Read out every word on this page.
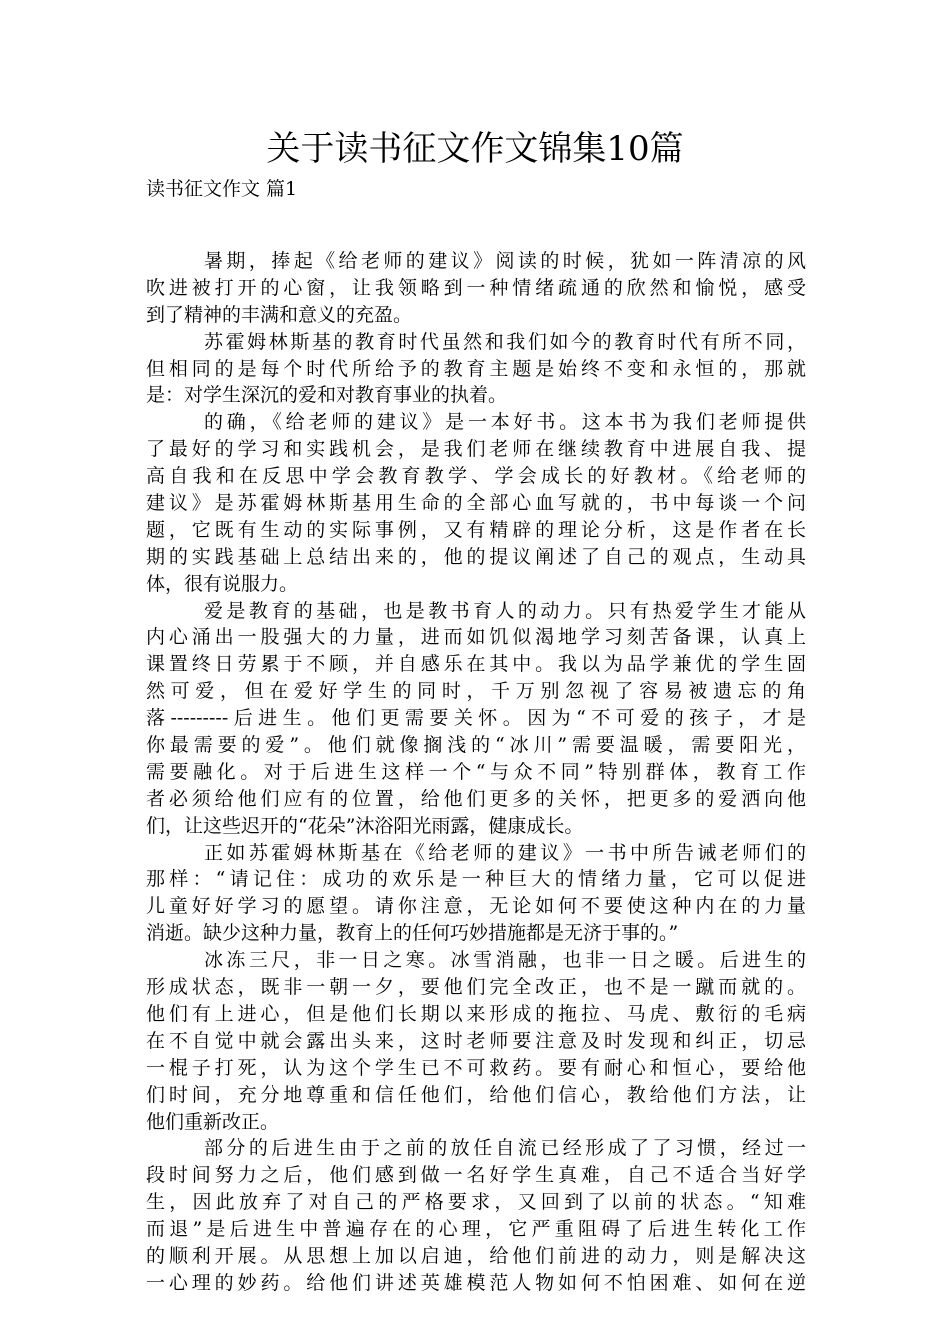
关于读书征文作文锦集10篇
读书征文作文 篇1
暑期，捧起《给老师的建议》阅读的时候，犹如一阵清凉的风
吹进被打开的心窗，让我领略到一种情绪疏通的欣然和愉悦，感受
到了精神的丰满和意义的充盈。
苏霍姆林斯基的教育时代虽然和我们如今的教育时代有所不同，
但相同的是每个时代所给予的教育主题是始终不变和永恒的，那就
是：对学生深沉的爱和对教育事业的执着。
的确，《给老师的建议》是一本好书。这本书为我们老师提供
了最好的学习和实践机会，是我们老师在继续教育中进展自我、提
高自我和在反思中学会教育教学、学会成长的好教材。《给老师的
建议》是苏霍姆林斯基用生命的全部心血写就的，书中每谈一个问
题，它既有生动的实际事例，又有精辟的理论分析，这是作者在长
期的实践基础上总结出来的，他的提议阐述了自己的观点，生动具
体，很有说服力。
爱是教育的基础，也是教书育人的动力。只有热爱学生才能从
内心涌出一股强大的力量，进而如饥似渴地学习刻苦备课，认真上
课置终日劳累于不顾，并自感乐在其中。我以为品学兼优的学生固
然可爱，但在爱好学生的同时，千万别忽视了容易被遗忘的角
落---------后进生。他们更需要关怀。因为“不可爱的孩子，才是
你最需要的爱”。他们就像搁浅的“冰川”需要温暖，需要阳光，
需要融化。对于后进生这样一个“与众不同”特别群体，教育工作
者必须给他们应有的位置，给他们更多的关怀，把更多的爱洒向他
们，让这些迟开的“花朵”沐浴阳光雨露，健康成长。
正如苏霍姆林斯基在《给老师的建议》一书中所告诫老师们的
那样：“请记住：成功的欢乐是一种巨大的情绪力量，它可以促进
儿童好好学习的愿望。请你注意，无论如何不要使这种内在的力量
消逝。缺少这种力量，教育上的任何巧妙措施都是无济于事的。”
冰冻三尺，非一日之寒。冰雪消融，也非一日之暖。后进生的
形成状态，既非一朝一夕，要他们完全改正，也不是一蹴而就的。
他们有上进心，但是他们长期以来形成的拖拉、马虎、敷衍的毛病
在不自觉中就会露出头来，这时老师要注意及时发现和纠正，切忌
一棍子打死，认为这个学生已不可救药。要有耐心和恒心，要给他
们时间，充分地尊重和信任他们，给他们信心，教给他们方法，让
他们重新改正。
部分的后进生由于之前的放任自流已经形成了了习惯，经过一
段时间努力之后，他们感到做一名好学生真难，自己不适合当好学
生，因此放弃了对自己的严格要求，又回到了以前的状态。“知难
而退”是后进生中普遍存在的心理，它严重阻碍了后进生转化工作
的顺利开展。从思想上加以启迪，给他们前进的动力，则是解决这
一心理的妙药。给他们讲述英雄模范人物如何不怕困难、如何在逆
